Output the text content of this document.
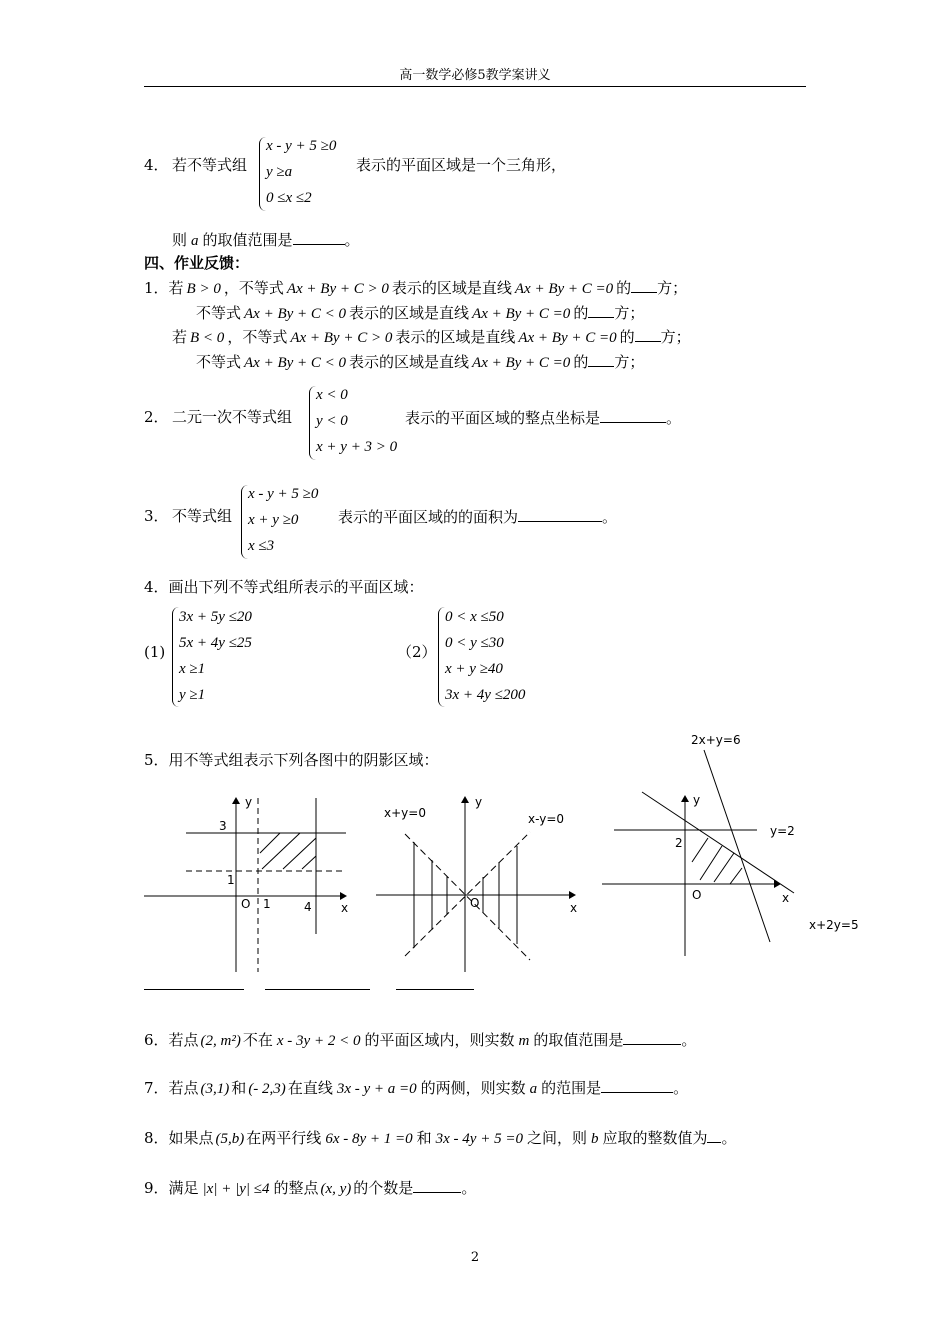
高一数学必修5教学案讲义
4． 若不等式组
x - y + 5 ≥0
y ≥a
0 ≤x ≤2
表示的平面区域是一个三角形，
则 a 的取值范围是	。
四、作业反馈：
1．若 B > 0 ，不等式 Ax + By + C > 0 表示的区域是直线 Ax + By + C =0 的 方；
不等式 Ax + By + C < 0 表示的区域是直线 Ax + By + C =0 的 方；
若 B < 0 ，不等式 Ax + By + C > 0 表示的区域是直线 Ax + By + C =0 的 方；
不等式 Ax + By + C < 0 表示的区域是直线 Ax + By + C =0 的 方；
2． 二元一次不等式组
x < 0
y < 0
x + y + 3 > 0
表示的平面区域的整点坐标是	。
3． 不等式组
x - y + 5 ≥0
x + y ≥0
x ≤3
表示的平面区域的的面积为	。
4．画出下列不等式组所表示的平面区域：
(1)
3x + 5y ≤20
5x + 4y ≤25
x ≥1
y ≥1
（2）
0 < x ≤50
0 < y ≤30
x + y ≥40
3x + 4y ≤200
5．用不等式组表示下列各图中的阴影区域：
y
x
O
3
1
1	4
y
x
O
x+y=0	x-y=0
y
x
O
2
2x+y=6
y=2
x+2y=5
6．若点 (2, m²) 不在 x - 3y + 2 < 0 的平面区域内，则实数 m 的取值范围是	。
7．若点 (3,1) 和 (- 2,3) 在直线 3x - y + a =0 的两侧，则实数 a 的范围是	。
8．如果点 (5,b) 在两平行线 6x - 8y + 1 =0 和 3x - 4y + 5 =0 之间，则 b 应取的整数值为 。
9．满足 |x| + |y| ≤4 的整点 (x, y) 的个数是	。
2
